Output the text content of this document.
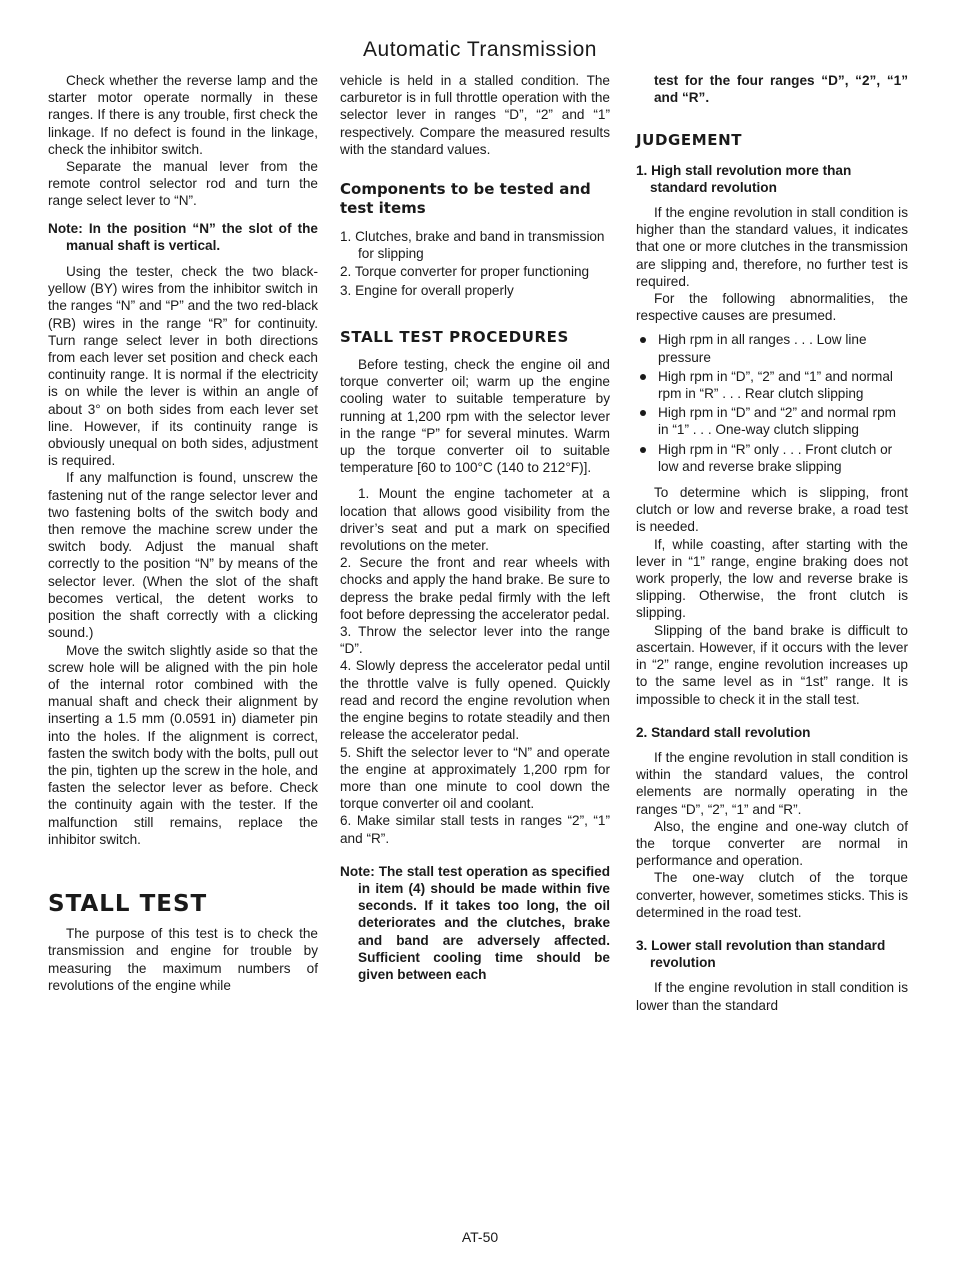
Automatic Transmission

Check whether the reverse lamp and the starter motor operate normally in these ranges. If there is any trouble, first check the linkage. If no defect is found in the linkage, check the inhibitor switch.

Separate the manual lever from the remote control selector rod and turn the range select lever to “N”.

Note: In the position “N” the slot of the manual shaft is vertical.

Using the tester, check the two black-yellow (BY) wires from the inhibitor switch in the ranges “N” and “P” and the two red-black (RB) wires in the range “R” for continuity. Turn range select lever in both directions from each lever set position and check each continuity range. It is normal if the electricity is on while the lever is within an angle of about 3° on both sides from each lever set line. However, if its continuity range is obviously unequal on both sides, adjustment is required.

If any malfunction is found, unscrew the fastening nut of the range selector lever and two fastening bolts of the switch body and then remove the machine screw under the switch body. Adjust the manual shaft correctly to the position “N” by means of the selector lever. (When the slot of the shaft becomes vertical, the detent works to position the shaft correctly with a clicking sound.)

Move the switch slightly aside so that the screw hole will be aligned with the pin hole of the internal rotor combined with the manual shaft and check their alignment by inserting a 1.5 mm (0.0591 in) diameter pin into the holes. If the alignment is correct, fasten the switch body with the bolts, pull out the pin, tighten up the screw in the hole, and fasten the selector lever as before. Check the continuity again with the tester. If the malfunction still remains, replace the inhibitor switch.

STALL TEST

The purpose of this test is to check the transmission and engine for trouble by measuring the maximum numbers of revolutions of the engine while

vehicle is held in a stalled condition. The carburetor is in full throttle operation with the selector lever in ranges “D”, “2” and “1” respectively. Compare the measured results with the standard values.

Components to be tested and test items
1. Clutches, brake and band in transmission for slipping
2. Torque converter for proper functioning
3. Engine for overall properly
STALL TEST PROCEDURES

Before testing, check the engine oil and torque converter oil; warm up the engine cooling water to suitable temperature by running at 1,200 rpm with the selector lever in the range “P” for several minutes. Warm up the torque converter oil to suitable temperature [60 to 100°C (140 to 212°F)].

1. Mount the engine tachometer at a location that allows good visibility from the driver’s seat and put a mark on specified revolutions on the meter.

2. Secure the front and rear wheels with chocks and apply the hand brake. Be sure to depress the brake pedal firmly with the left foot before depressing the accelerator pedal.

3. Throw the selector lever into the range “D”.

4. Slowly depress the accelerator pedal until the throttle valve is fully opened. Quickly read and record the engine revolution when the engine begins to rotate steadily and then release the accelerator pedal.

5. Shift the selector lever to “N” and operate the engine at approximately 1,200 rpm for more than one minute to cool down the torque converter oil and coolant.

6. Make similar stall tests in ranges “2”, “1” and “R”.

Note: The stall test operation as specified in item (4) should be made within five seconds. If it takes too long, the oil deteriorates and the clutches, brake and band are adversely affected. Sufficient cooling time should be given between each

test for the four ranges “D”, “2”, “1” and “R”.

JUDGEMENT
1. High stall revolution more than standard revolution

If the engine revolution in stall condition is higher than the standard values, it indicates that one or more clutches in the transmission are slipping and, therefore, no further test is required.

For the following abnormalities, the respective causes are presumed.

High rpm in all ranges . . . Low line pressure
High rpm in “D”, “2” and “1” and normal rpm in “R” . . . Rear clutch slipping
High rpm in “D” and “2” and normal rpm in “1” . . . One-way clutch slipping
High rpm in “R” only . . . Front clutch or low and reverse brake slipping

To determine which is slipping, front clutch or low and reverse brake, a road test is needed.

If, while coasting, after starting with the lever in “1” range, engine braking does not work properly, the low and reverse brake is slipping. Otherwise, the front clutch is slipping.

Slipping of the band brake is difficult to ascertain. However, if it occurs with the lever in “2” range, engine revolution increases up to the same level as in “1st” range. It is impossible to check it in the stall test.

2. Standard stall revolution

If the engine revolution in stall condition is within the standard values, the control elements are normally operating in the ranges “D”, “2”, “1” and “R”.

Also, the engine and one-way clutch of the torque converter are normal in performance and operation.

The one-way clutch of the torque converter, however, sometimes sticks. This is determined in the road test.

3. Lower stall revolution than standard revolution

If the engine revolution in stall condition is lower than the standard

AT-50
